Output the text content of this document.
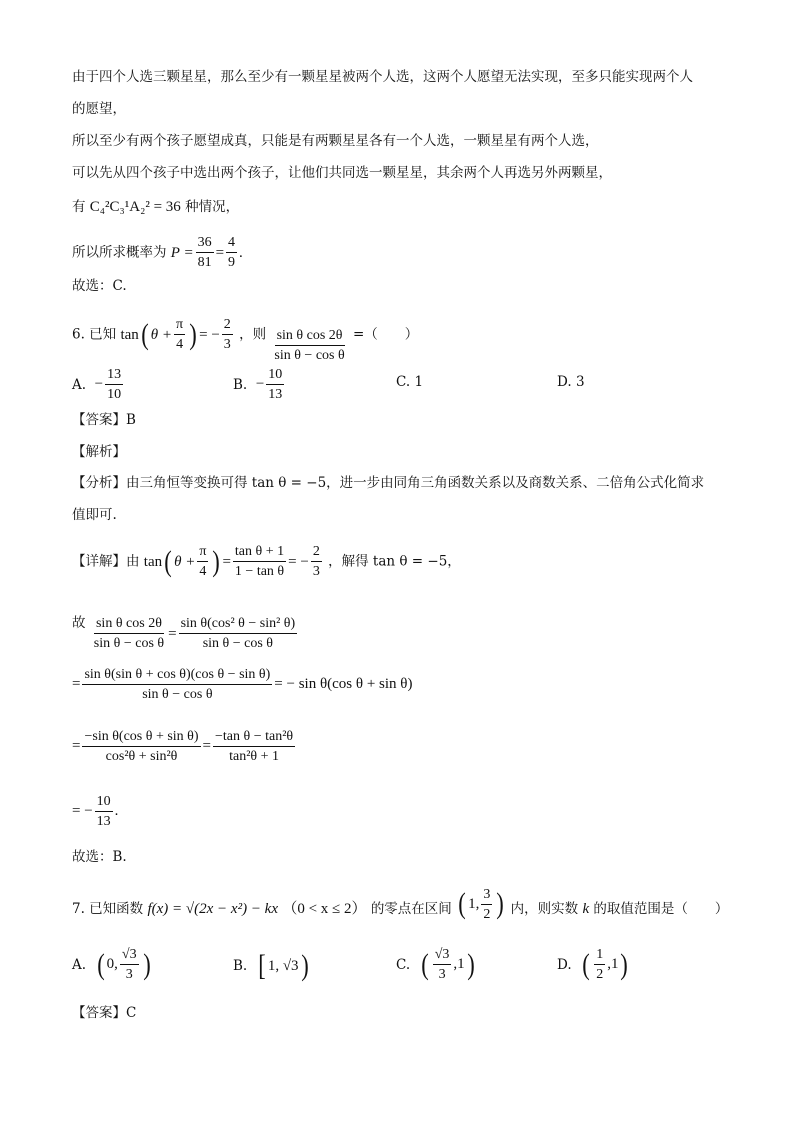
由于四个人选三颗星星，那么至少有一颗星星被两个人选，这两个人愿望无法实现，至多只能实现两个人
的愿望，
所以至少有两个孩子愿望成真，只能是有两颗星星各有一个人选，一颗星星有两个人选，
可以先从四个孩子中选出两个孩子，让他们共同选一颗星星，其余两个人再选另外两颗星，
有 C₄²C₃¹A₂² = 36 种情况，
所以所求概率为 $P = \frac{36}{81} = \frac{4}{9}$ .
故选：C.
6. 已知 tan ( $\theta + \frac{\pi}{4}$ ) = − $\frac{2}{3}$ ，则 $\frac{\text{sin θ cos 2θ}}{\text{sin θ − cos θ}}$ =（　　）
A.
− $\frac{13}{10}$	B.
− $\frac{10}{13}$	C.
1	D.
3
【答案】B
【解析】
【分析】由三角恒等变换可得 tan θ = −5，进一步由同角三角函数关系以及商数关系、二倍角公式化简求
值即可.
【详解】由 tan ( $\theta + \frac{\pi}{4}$ ) = $\frac{\text{tan θ + 1}}{\text{1 − tan θ}}$ = − $\frac{2}{3}$ ，解得 tan θ = −5，
故 $\frac{\text{sin θ cos 2θ}}{\text{sin θ − cos θ}} = \frac{\text{sin θ(cos² θ − sin² θ)}}{\text{sin θ − cos θ}}$
= $\frac{\text{sin θ(sin θ + cos θ)(cos θ − sin θ)}}{\text{sin θ − cos θ}}$ = − sin θ(cos θ + sin θ)
= $\frac{\text{−sin θ(cos θ + sin θ)}}{\text{cos²θ + sin²θ}} = \frac{\text{−tan θ − tan²θ}}{\text{tan²θ + 1}}$
= − $\frac{10}{13}$ .
故选：B.
7. 已知函数 f(x) = √(2x − x²) − kx （0 < x ≤ 2） 的零点在区间 ( 1, $\frac{3}{2}$ ) 内，则实数 k 的取值范围是（　　）
A.
( 0, $\frac{√3}{3}$ )	B.
[ 1, √3 )	C.
( $\frac{√3}{3} ,1$ )	D.
( $\frac{1}{2} ,1$ )
【答案】C
